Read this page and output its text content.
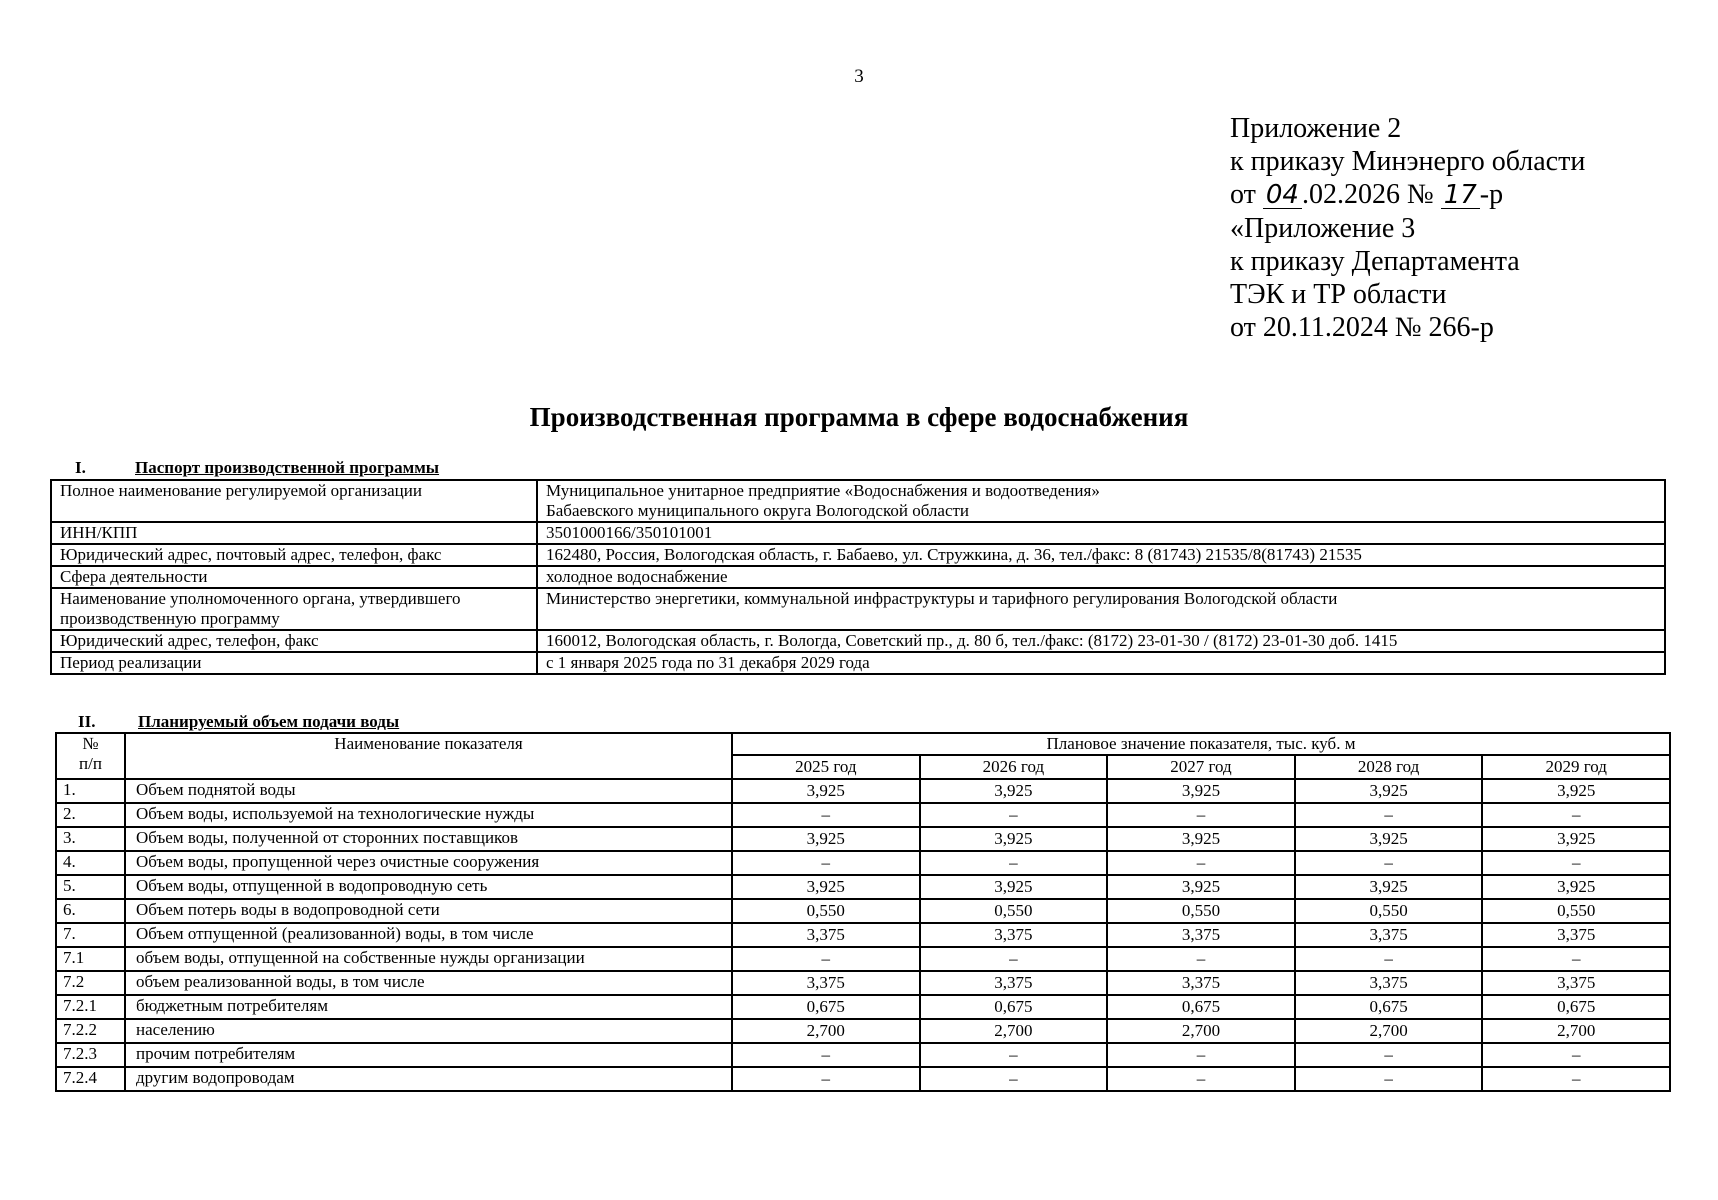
3
Приложение 2
к приказу Минэнерго области
от 04 .02.2026 № 17 -р
«Приложение 3
к приказу Департамента
ТЭК и ТР области
от 20.11.2024 № 266-р
Производственная программа в сфере водоснабжения
I.	Паспорт производственной программы
Полное наименование регулируемой организации	Муниципальное унитарное предприятие «Водоснабжения и водоотведения»
Бабаевского муниципального округа Вологодской области

ИНН/КПП	3501000166/350101001

Юридический адрес, почтовый адрес, телефон, факс	162480, Россия, Вологодская область, г. Бабаево, ул. Стружкина, д. 36, тел./факс: 8 (81743) 21535/8(81743) 21535

Сфера деятельности	холодное водоснабжение

Наименование уполномоченного органа, утвердившего
производственную программу	Министерство энергетики, коммунальной инфраструктуры и тарифного регулирования Вологодской области

Юридический адрес, телефон, факс	160012, Вологодская область, г. Вологда, Советский пр., д. 80 б, тел./факс: (8172) 23-01-30 / (8172) 23-01-30 доб. 1415

Период реализации	с 1 января 2025 года по 31 декабря 2029 года
II.	Планируемый объем подачи воды
№
п/п	Наименование показателя	Плановое значение показателя, тыс. куб. м				
		2025 год	2026 год	2027 год	2028 год	2029 год
1.	Объем поднятой воды	3,925	3,925	3,925	3,925	3,925
2.	Объем воды, используемой на технологические нужды	–	–	–	–	–
3.	Объем воды, полученной от сторонних поставщиков	3,925	3,925	3,925	3,925	3,925
4.	Объем воды, пропущенной через очистные сооружения	–	–	–	–	–
5.	Объем воды, отпущенной в водопроводную сеть	3,925	3,925	3,925	3,925	3,925
6.	Объем потерь воды в водопроводной сети	0,550	0,550	0,550	0,550	0,550
7.	Объем отпущенной (реализованной) воды, в том числе	3,375	3,375	3,375	3,375	3,375
7.1	объем воды, отпущенной на собственные нужды организации	–	–	–	–	–
7.2	объем реализованной воды, в том числе	3,375	3,375	3,375	3,375	3,375
7.2.1	бюджетным потребителям	0,675	0,675	0,675	0,675	0,675
7.2.2	населению	2,700	2,700	2,700	2,700	2,700
7.2.3	прочим потребителям	–	–	–	–	–
7.2.4	другим водопроводам	–	–	–	–	–
